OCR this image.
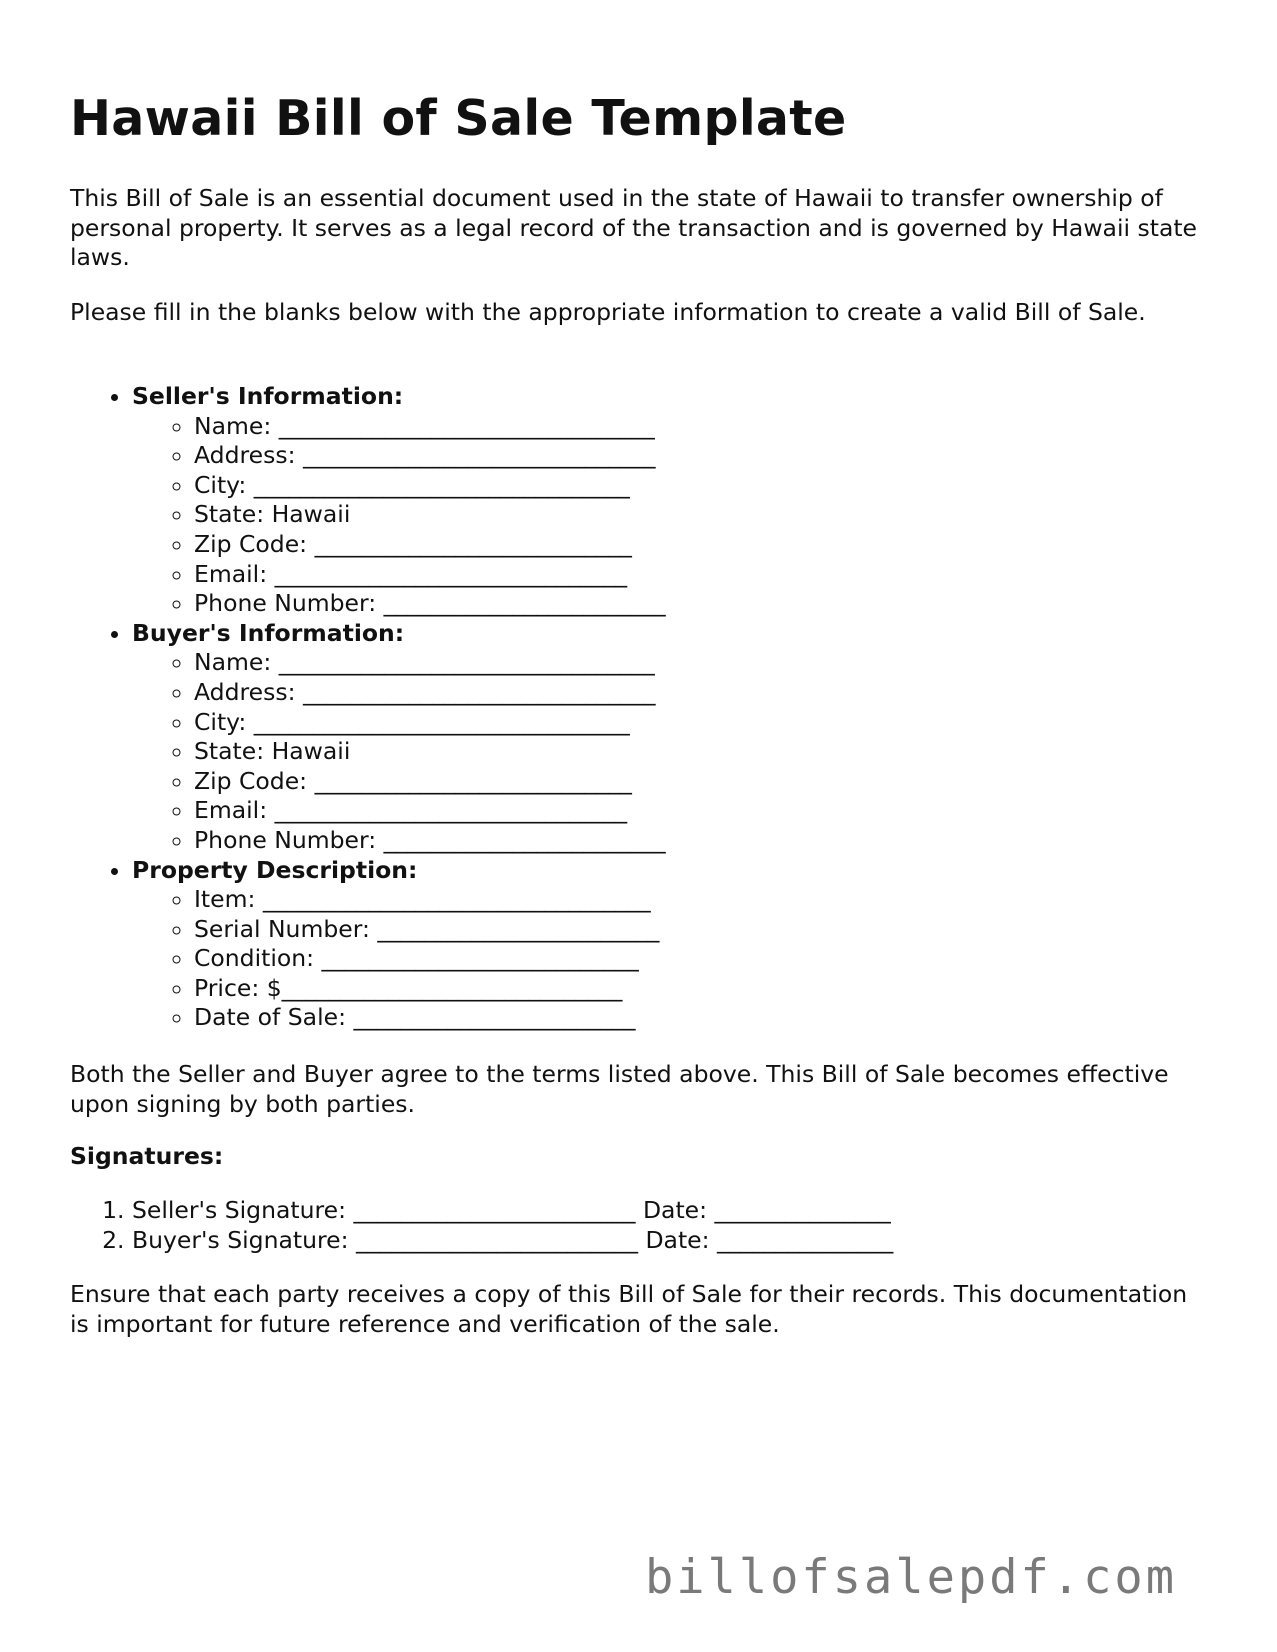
Hawaii Bill of Sale Template

This Bill of Sale is an essential document used in the state of Hawaii to transfer ownership of personal property. It serves as a legal record of the transaction and is governed by Hawaii state laws.

Please fill in the blanks below with the appropriate information to create a valid Bill of Sale.

• Seller's Information:
◦ Name: ________________________________
◦ Address: ______________________________
◦ City: ________________________________
◦ State: Hawaii
◦ Zip Code: ___________________________
◦ Email: ______________________________
◦ Phone Number: ________________________
• Buyer's Information:
◦ Name: ________________________________
◦ Address: ______________________________
◦ City: ________________________________
◦ State: Hawaii
◦ Zip Code: ___________________________
◦ Email: ______________________________
◦ Phone Number: ________________________
• Property Description:
◦ Item: _________________________________
◦ Serial Number: ________________________
◦ Condition: ___________________________
◦ Price: $_____________________________
◦ Date of Sale: ________________________

Both the Seller and Buyer agree to the terms listed above. This Bill of Sale becomes effective upon signing by both parties.

Signatures:
1. Seller's Signature: ________________________ Date: _______________
2. Buyer's Signature: ________________________ Date: _______________

Ensure that each party receives a copy of this Bill of Sale for their records. This documentation is important for future reference and verification of the sale.

billofsalepdf.com
